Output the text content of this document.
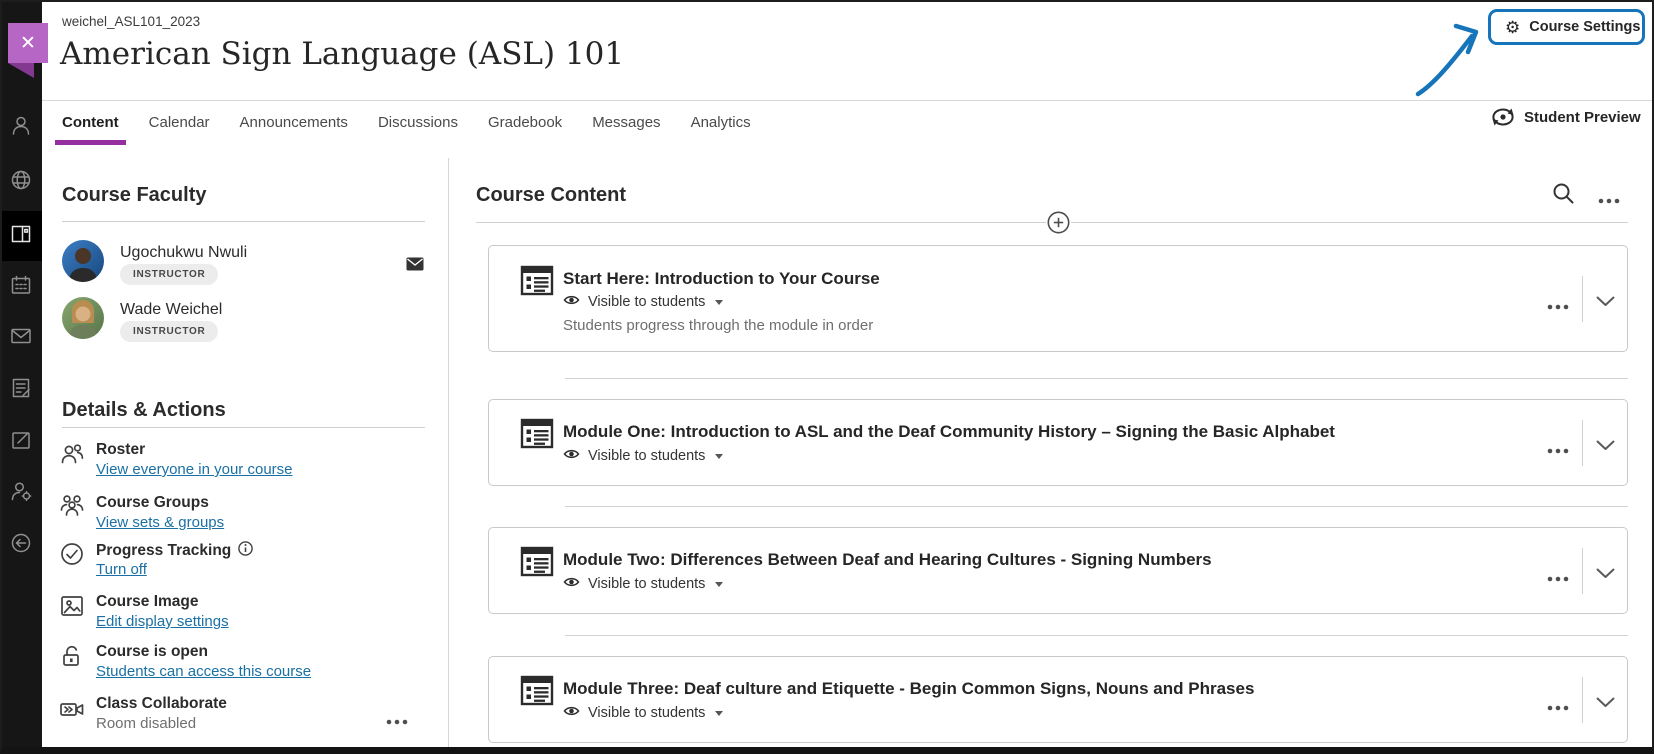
✕
weichel_ASL101_2023
American Sign Language (ASL) 101
⚙ Course Settings
Content Calendar Announcements Discussions Gradebook Messages Analytics	Student Preview
Course Faculty
Ugochukwu Nwuli
INSTRUCTOR
Wade Weichel
INSTRUCTOR
Details & Actions
Roster
View everyone in your course
Course Groups
View sets & groups
Progress Tracking
Turn off
Course Image
Edit display settings
Course is open
Students can access this course
Class Collaborate
Room disabled
Course Content
Start Here: Introduction to Your Course
Visible to students
Students progress through the module in order
Module One: Introduction to ASL and the Deaf Community History – Signing the Basic Alphabet
Visible to students
Module Two: Differences Between Deaf and Hearing Cultures - Signing Numbers
Visible to students
Module Three: Deaf culture and Etiquette - Begin Common Signs, Nouns and Phrases
Visible to students
